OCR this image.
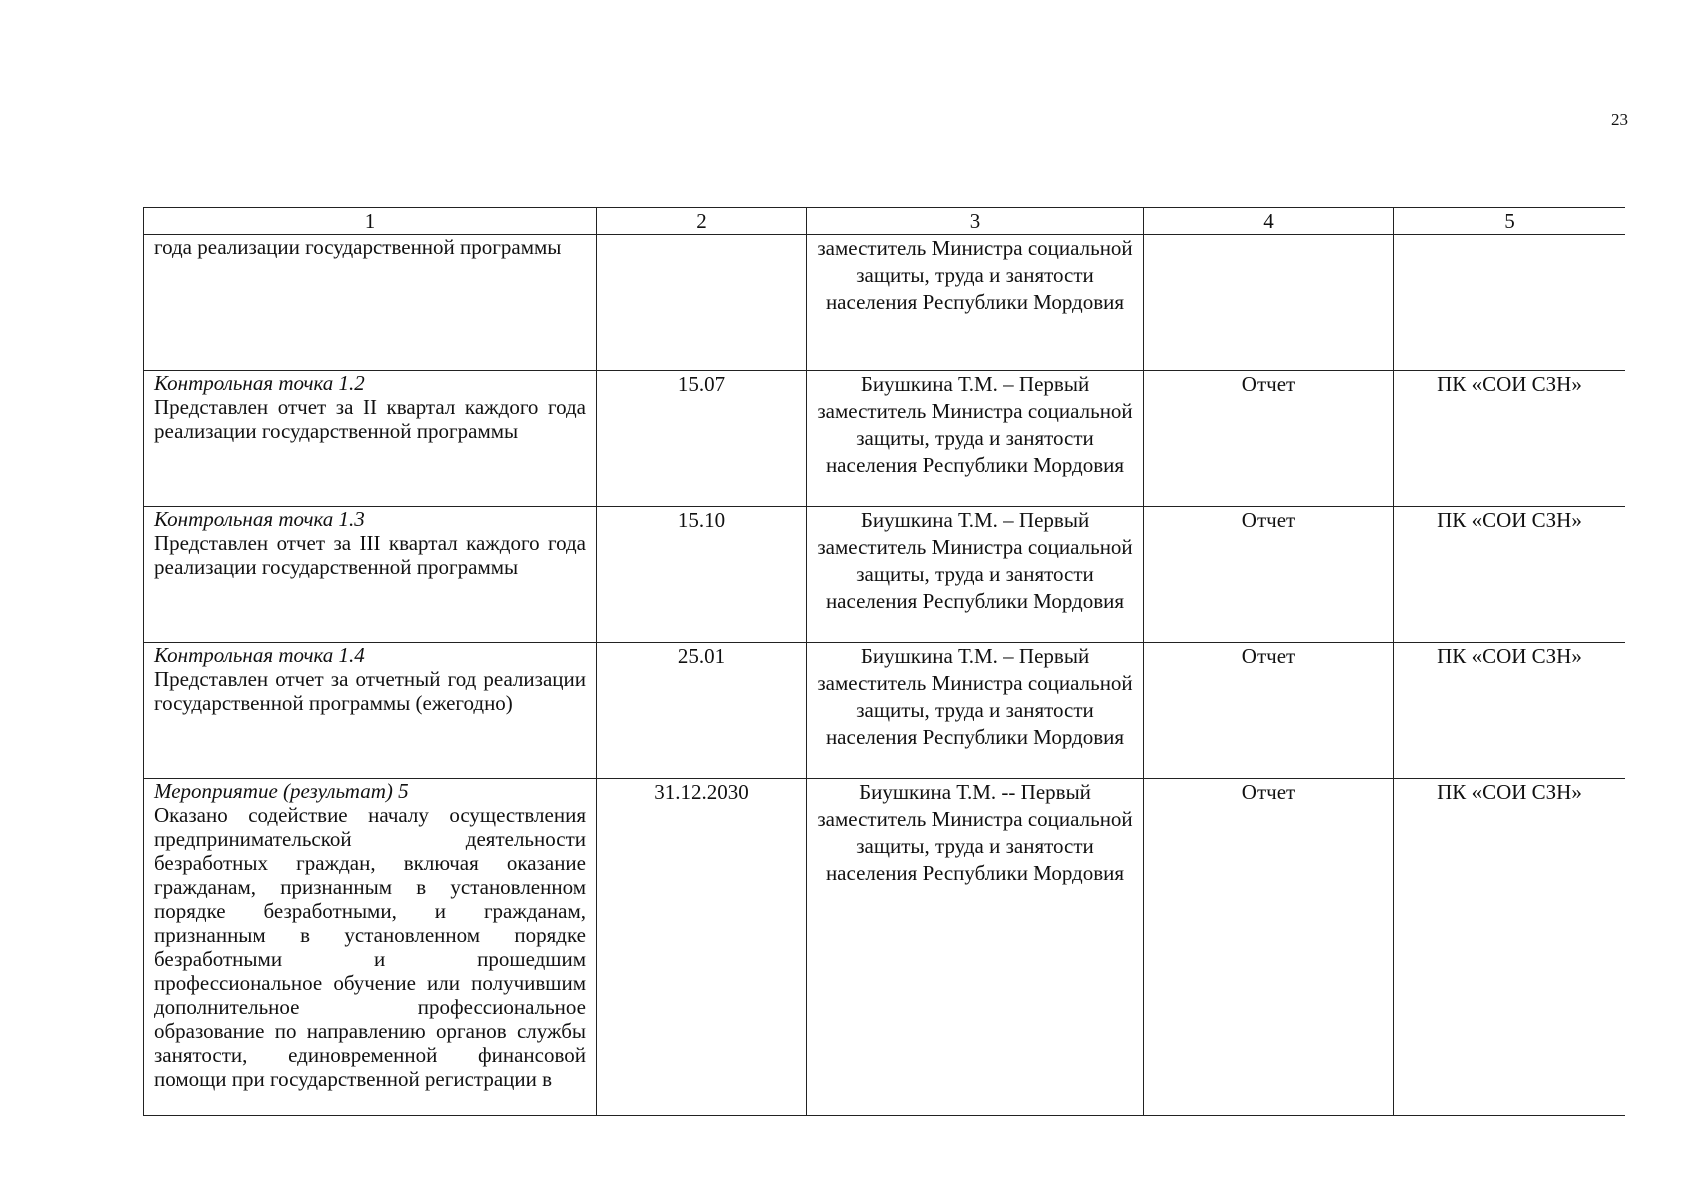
23
1	2	3	4	5

года реализации государственной программы		заместитель Министра социальной защиты, труда и занятости населения Республики Мордовия		

Контрольная точка 1.2
Представлен отчет за II квартал каждого года реализации государственной программы	15.07	Биушкина Т.М. – Первый заместитель Министра социальной защиты, труда и занятости населения Республики Мордовия	Отчет	ПК «СОИ СЗН»

Контрольная точка 1.3
Представлен отчет за III квартал каждого года реализации государственной программы	15.10	Биушкина Т.М. – Первый заместитель Министра социальной защиты, труда и занятости населения Республики Мордовия	Отчет	ПК «СОИ СЗН»

Контрольная точка 1.4
Представлен отчет за отчетный год реализации государственной программы (ежегодно)	25.01	Биушкина Т.М. – Первый заместитель Министра социальной защиты, труда и занятости населения Республики Мордовия	Отчет	ПК «СОИ СЗН»

Мероприятие (результат) 5
Оказано содействие началу осуществления предпринимательской деятельности безработных граждан, включая оказание гражданам, признанным в установленном порядке безработными, и гражданам, признанным в установленном порядке безработными и прошедшим профессиональное обучение или получившим дополнительное профессиональное образование по направлению органов службы занятости, единовременной финансовой помощи при государственной регистрации в	31.12.2030	Биушкина Т.М. -- Первый заместитель Министра социальной защиты, труда и занятости населения Республики Мордовия	Отчет	ПК «СОИ СЗН»
